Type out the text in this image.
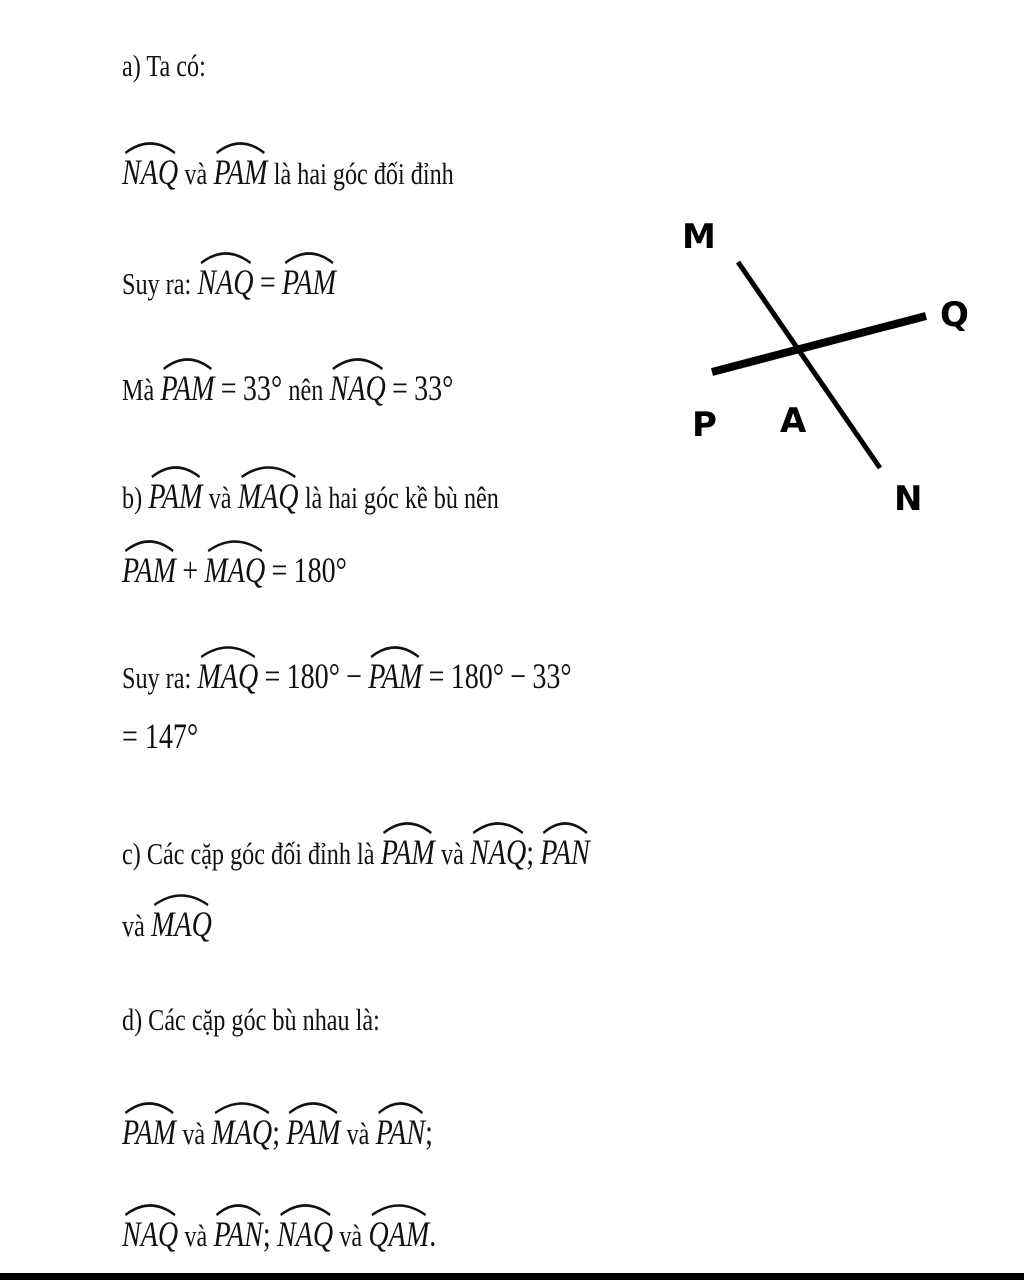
a) Ta có:
NAQ và PAM là hai góc đối đỉnh
Suy ra: NAQ = PAM
Mà PAM = 33° nên NAQ = 33°
b) PAM và MAQ là hai góc kề bù nên
PAM + MAQ = 180°
Suy ra: MAQ = 180° − PAM = 180° − 33°
= 147°
c) Các cặp góc đối đỉnh là PAM và NAQ; PAN
và MAQ
d) Các cặp góc bù nhau là:
PAM và MAQ; PAM và PAN;
NAQ và PAN; NAQ và QAM.
M
Q
P A
N
